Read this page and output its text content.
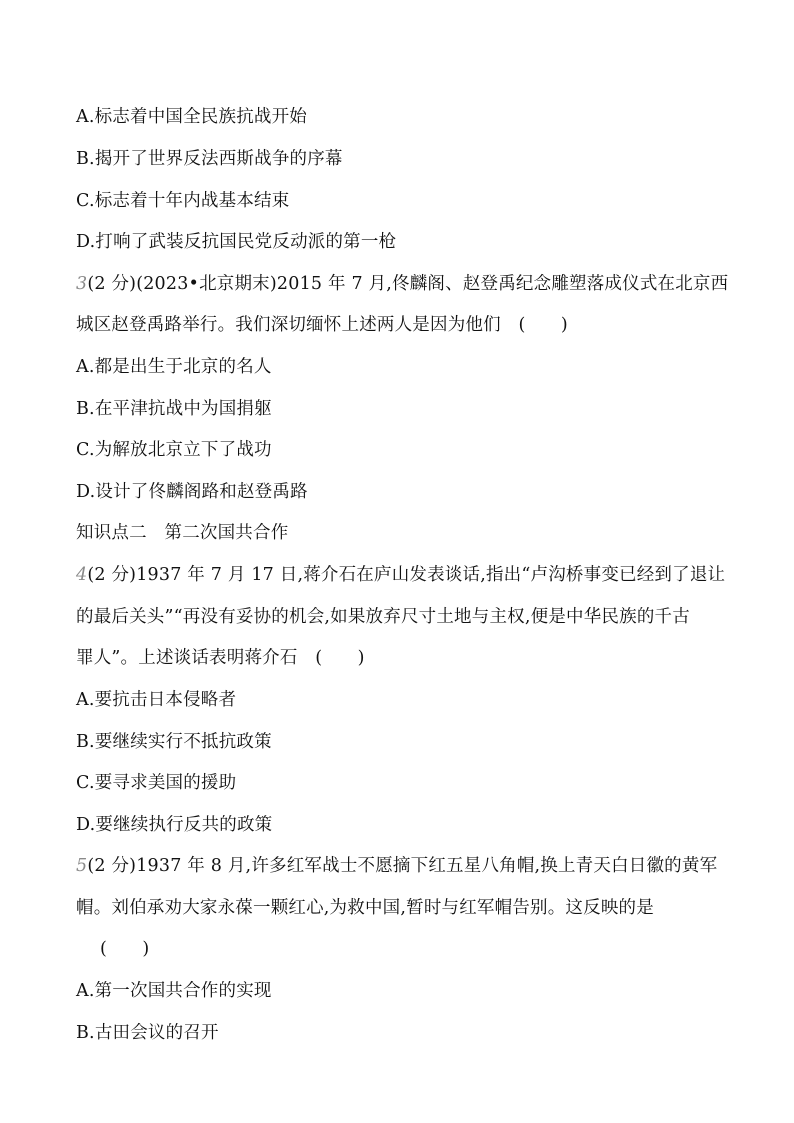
A.标志着中国全民族抗战开始
B.揭开了世界反法西斯战争的序幕
C.标志着十年内战基本结束
D.打响了武装反抗国民党反动派的第一枪
3(2 分)(2023•北京期末)2015 年 7 月,佟麟阁、赵登禹纪念雕塑落成仪式在北京西
城区赵登禹路举行。我们深切缅怀上述两人是因为他们　(　　)
A.都是出生于北京的名人
B.在平津抗战中为国捐躯
C.为解放北京立下了战功
D.设计了佟麟阁路和赵登禹路
知识点二　第二次国共合作
4(2 分)1937 年 7 月 17 日,蒋介石在庐山发表谈话,指出“卢沟桥事变已经到了退让
的最后关头”“再没有妥协的机会,如果放弃尺寸土地与主权,便是中华民族的千古
罪人”。上述谈话表明蒋介石　(　　)
A.要抗击日本侵略者
B.要继续实行不抵抗政策
C.要寻求美国的援助
D.要继续执行反共的政策
5(2 分)1937 年 8 月,许多红军战士不愿摘下红五星八角帽,换上青天白日徽的黄军
帽。刘伯承劝大家永葆一颗红心,为救中国,暂时与红军帽告别。这反映的是
(　　)
A.第一次国共合作的实现
B.古田会议的召开
